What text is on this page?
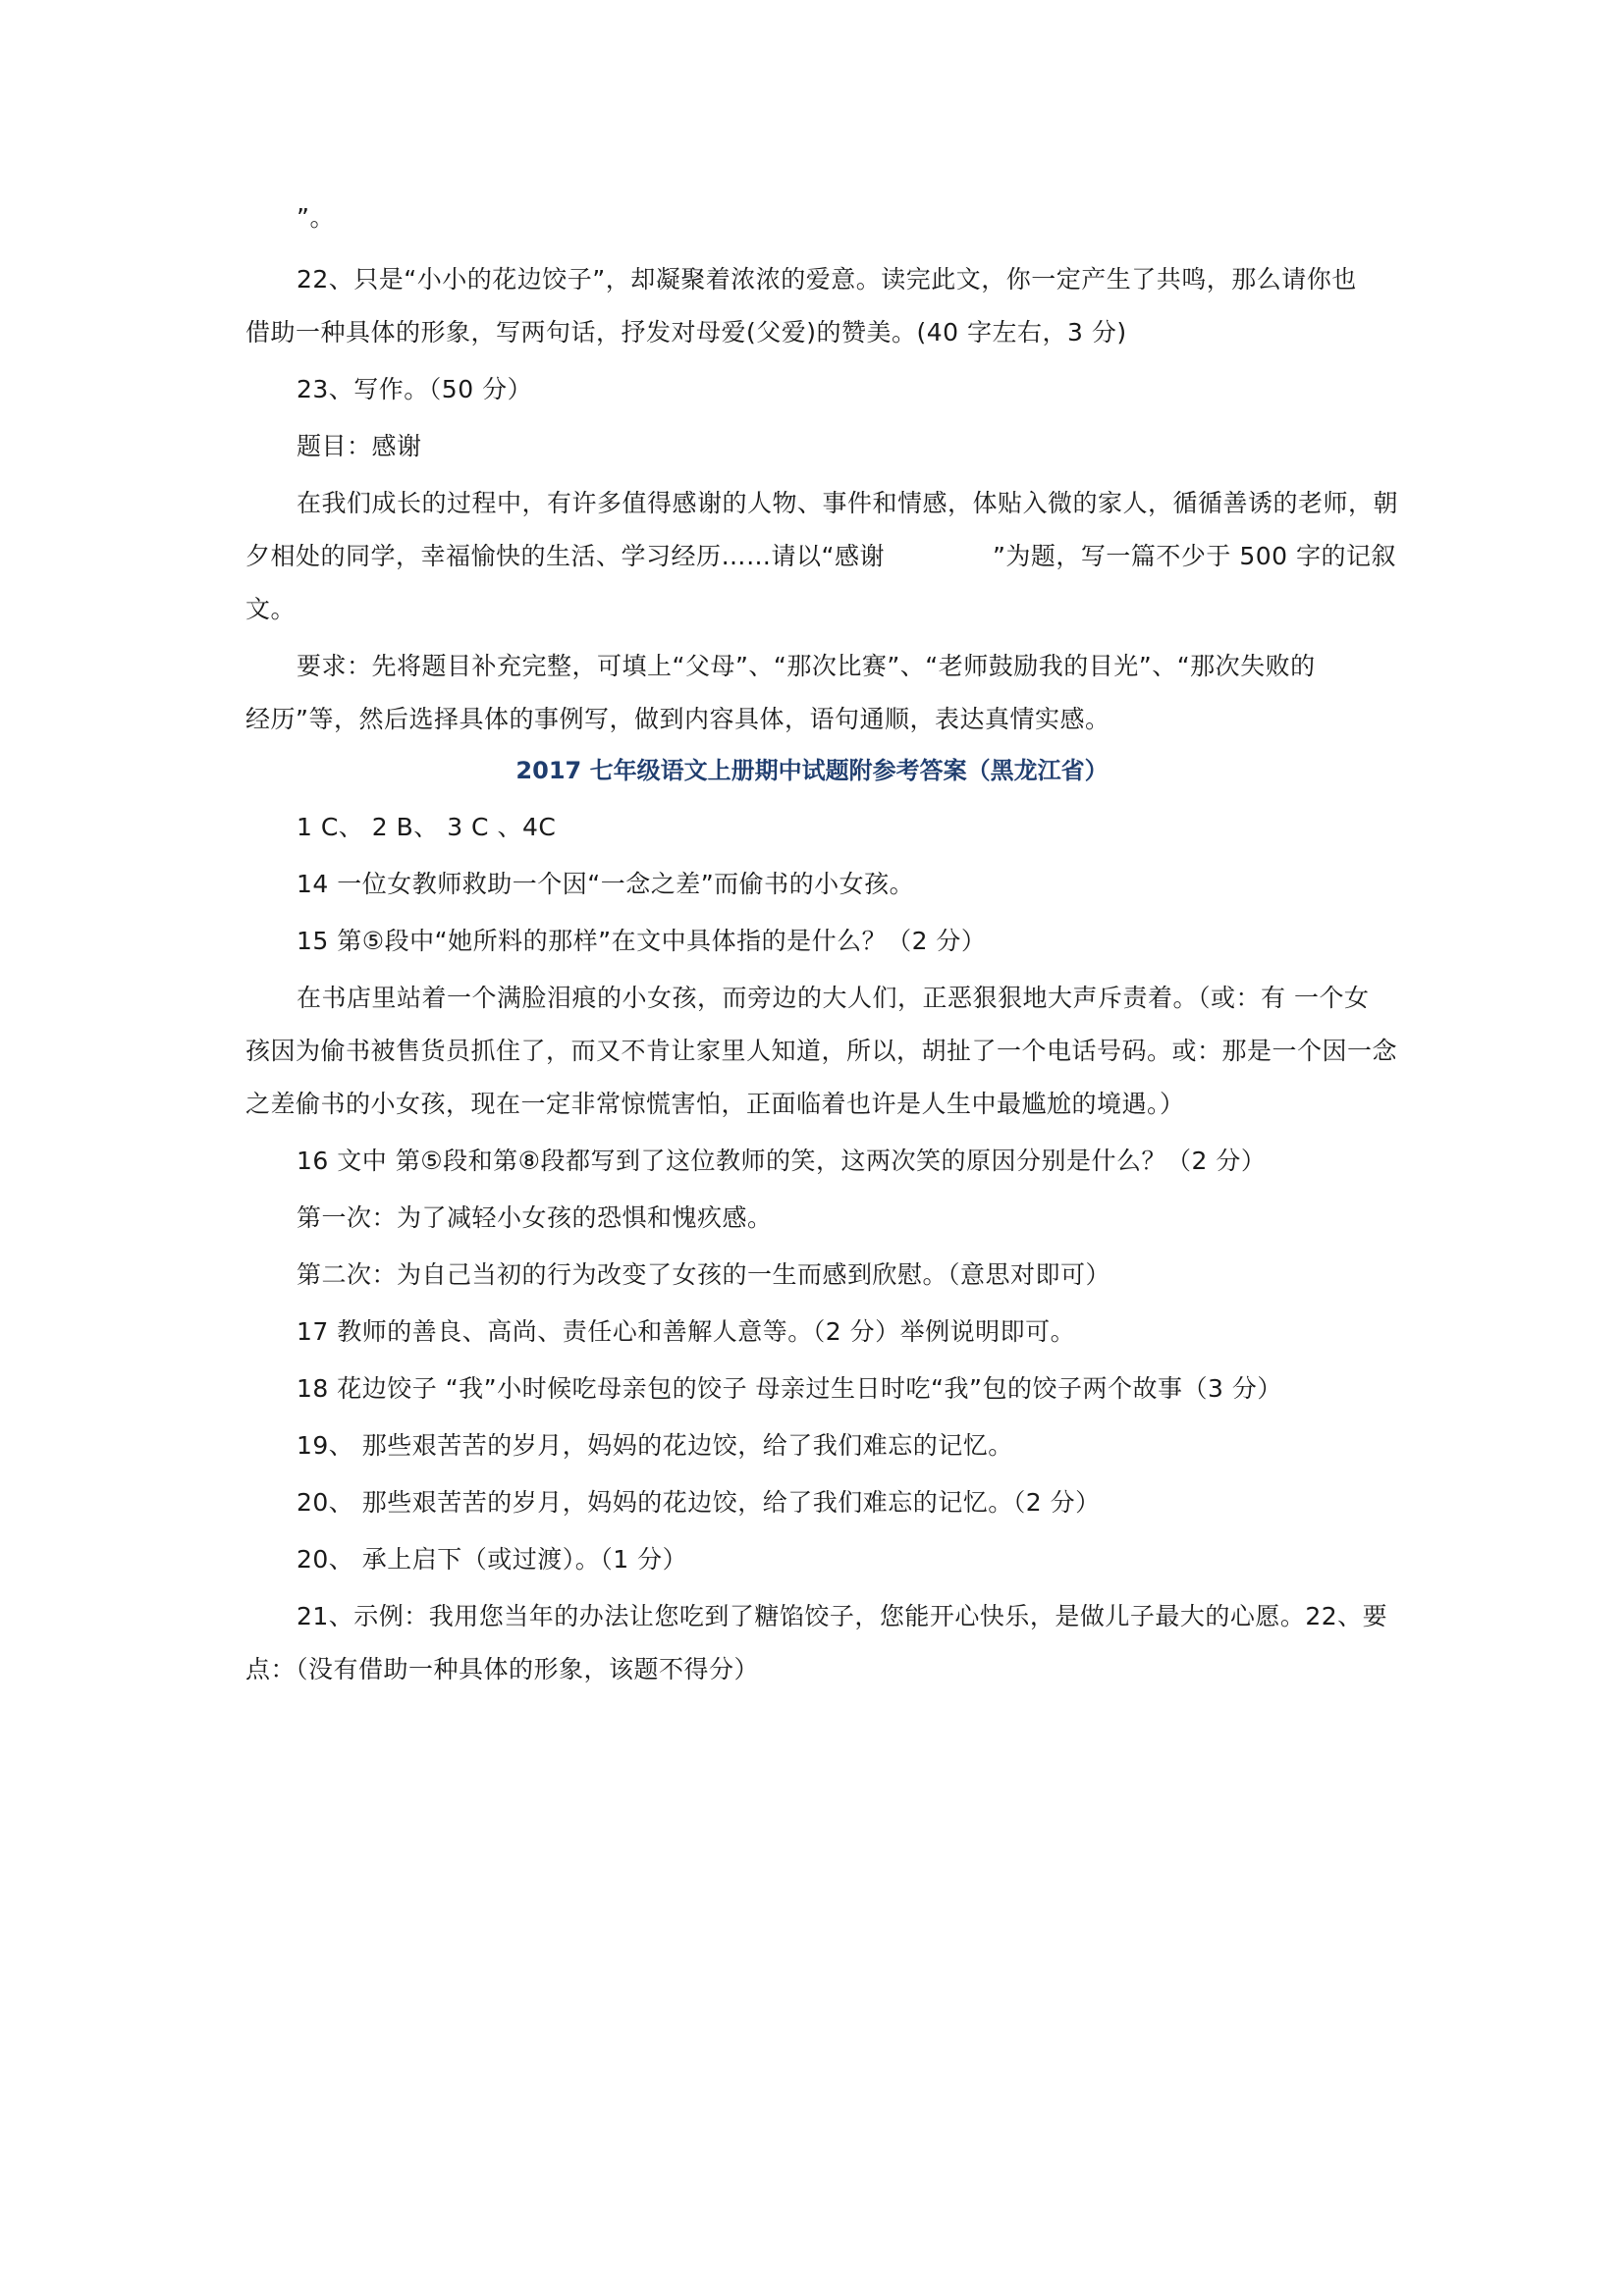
”。
22、只是“小小的花边饺子”，却凝聚着浓浓的爱意。读完此文，你一定产生了共鸣，那么请你也
借助一种具体的形象，写两句话，抒发对母爱(父爱)的赞美。(40 字左右，3 分)
23、写作。（50 分）
题目：感谢
在我们成长的过程中，有许多值得感谢的人物、事件和情感，体贴入微的家人，循循善诱的老师，朝
夕相处的同学，幸福愉快的生活、学习经历……请以“感谢	”为题，写一篇不少于 500 字的记叙
文。
要求：先将题目补充完整，可填上“父母”、“那次比赛”、“老师鼓励我的目光”、“那次失败的
经历”等，然后选择具体的事例写，做到内容具体，语句通顺，表达真情实感。
2017 七年级语文上册期中试题附参考答案（黑龙江省）
1 C、 2 B、 3 C 、4C
14 一位女教师救助一个因“一念之差”而偷书的小女孩。
15 第⑤段中“她所料的那样”在文中具体指的是什么？（2 分）
在书店里站着一个满脸泪痕的小女孩，而旁边的大人们，正恶狠狠地大声斥责着。（或：有 一个女
孩因为偷书被售货员抓住了，而又不肯让家里人知道，所以，胡扯了一个电话号码。或：那是一个因一念
之差偷书的小女孩，现在一定非常惊慌害怕，正面临着也许是人生中最尴尬的境遇。）
16 文中 第⑤段和第⑧段都写到了这位教师的笑，这两次笑的原因分别是什么？（2 分）
第一次：为了减轻小女孩的恐惧和愧疚感。
第二次：为自己当初的行为改变了女孩的一生而感到欣慰。（意思对即可）
17 教师的善良、高尚、责任心和善解人意等。（2 分）举例说明即可。
18 花边饺子 “我”小时候吃母亲包的饺子 母亲过生日时吃“我”包的饺子两个故事（3 分）
19、 那些艰苦苦的岁月，妈妈的花边饺，给了我们难忘的记忆。
20、 那些艰苦苦的岁月，妈妈的花边饺，给了我们难忘的记忆。（2 分）
20、 承上启下（或过渡）。（1 分）
21、示例：我用您当年的办法让您吃到了糖馅饺子，您能开心快乐，是做儿子最大的心愿。22、要
点：（没有借助一种具体的形象，该题不得分）
